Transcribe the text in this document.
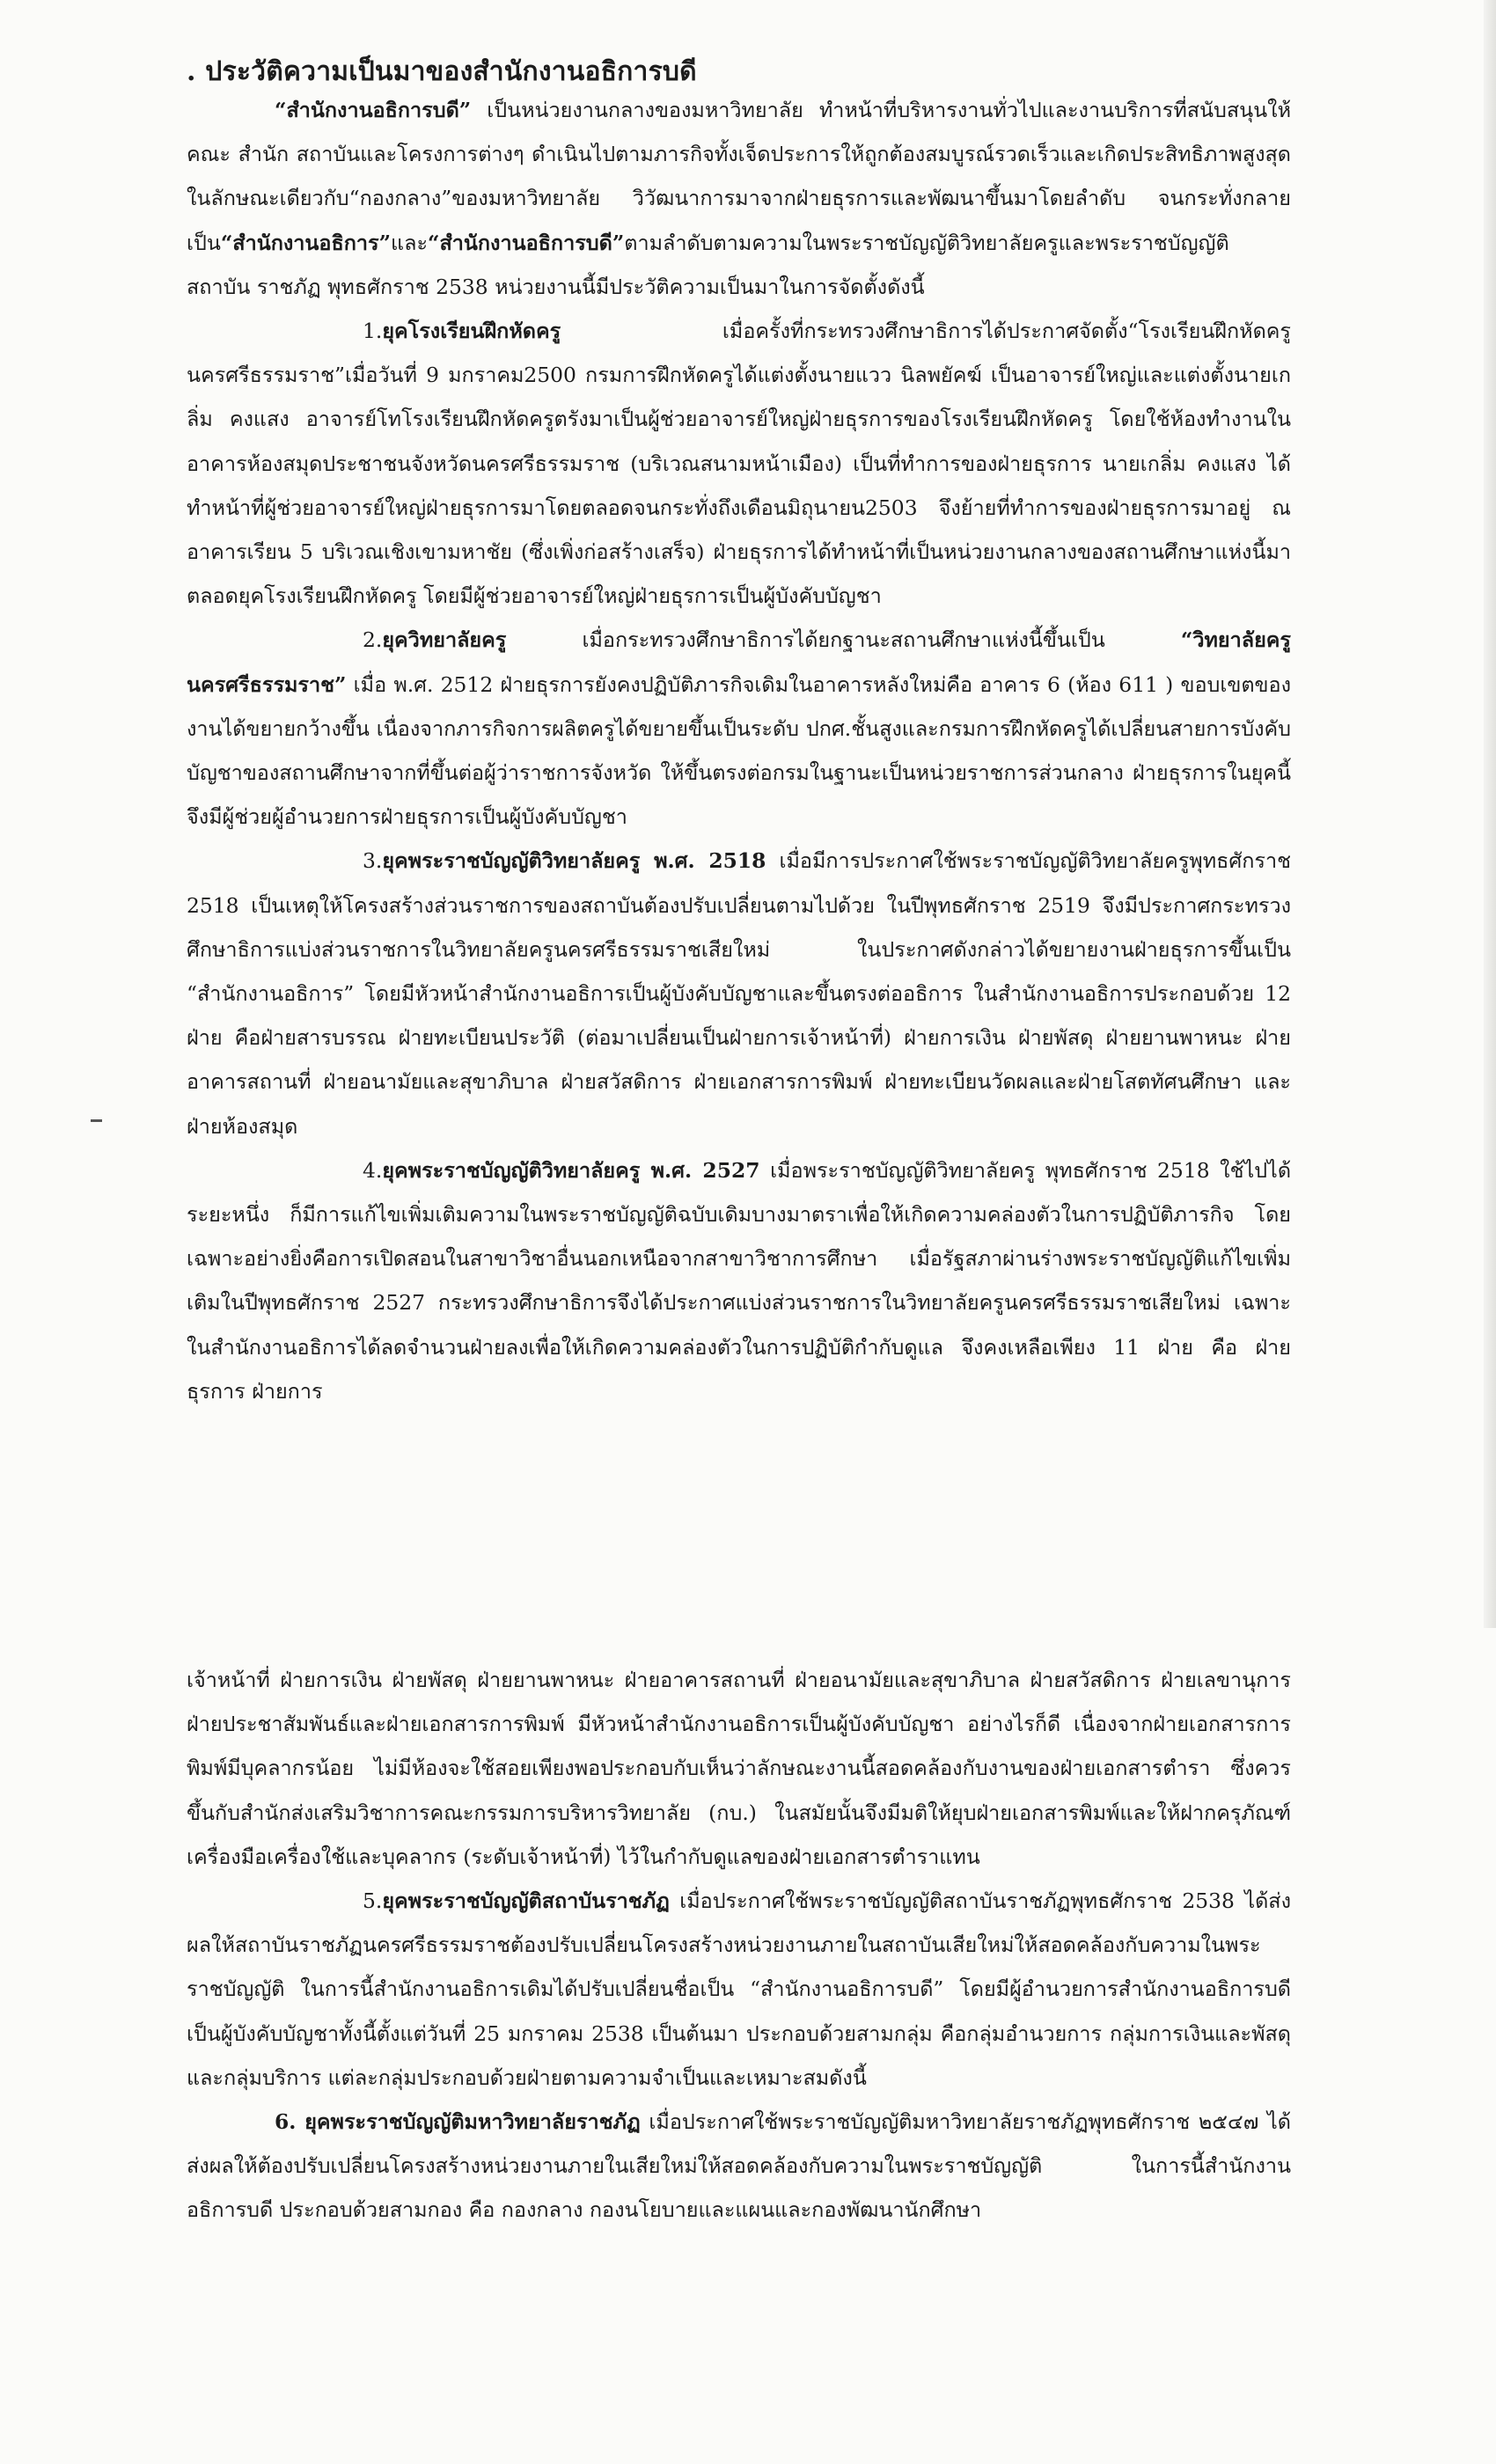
. ประวัติความเป็นมาของสำนักงานอธิการบดี

“สำนักงานอธิการบดี” เป็นหน่วยงานกลางของมหาวิทยาลัย ทำหน้าที่บริหารงานทั่วไปและงานบริการที่สนับสนุนให้คณะ สำนัก สถาบันและโครงการต่างๆ ดำเนินไปตามภารกิจทั้งเจ็ดประการให้ถูกต้องสมบูรณ์รวดเร็วและเกิดประสิทธิภาพสูงสุดในลักษณะเดียวกับ“กองกลาง”ของมหาวิทยาลัย วิวัฒนาการมาจากฝ่ายธุรการและพัฒนาขึ้นมาโดยลำดับ จนกระทั่งกลายเป็น“สำนักงานอธิการ”และ“สำนักงานอธิการบดี”ตามลำดับตามความในพระราชบัญญัติวิทยาลัยครูและพระราชบัญญัติสถาบัน ราชภัฏ พุทธศักราช 2538 หน่วยงานนี้มีประวัติความเป็นมาในการจัดตั้งดังนี้

1.ยุคโรงเรียนฝึกหัดครู เมื่อครั้งที่กระทรวงศึกษาธิการได้ประกาศจัดตั้ง“โรงเรียนฝึกหัดครูนครศรีธรรมราช”เมื่อวันที่ 9 มกราคม2500 กรมการฝึกหัดครูได้แต่งตั้งนายแวว นิลพยัคฆ์ เป็นอาจารย์ใหญ่และแต่งตั้งนายเกลิ่ม คงแสง อาจารย์โทโรงเรียนฝึกหัดครูตรังมาเป็นผู้ช่วยอาจารย์ใหญ่ฝ่ายธุรการของโรงเรียนฝึกหัดครู โดยใช้ห้องทำงานในอาคารห้องสมุดประชาชนจังหวัดนครศรีธรรมราช (บริเวณสนามหน้าเมือง) เป็นที่ทำการของฝ่ายธุรการ นายเกลิ่ม คงแสง ได้ทำหน้าที่ผู้ช่วยอาจารย์ใหญ่ฝ่ายธุรการมาโดยตลอดจนกระทั่งถึงเดือนมิถุนายน2503 จึงย้ายที่ทำการของฝ่ายธุรการมาอยู่ ณ อาคารเรียน 5 บริเวณเชิงเขามหาชัย (ซึ่งเพิ่งก่อสร้างเสร็จ) ฝ่ายธุรการได้ทำหน้าที่เป็นหน่วยงานกลางของสถานศึกษาแห่งนี้มาตลอดยุคโรงเรียนฝึกหัดครู โดยมีผู้ช่วยอาจารย์ใหญ่ฝ่ายธุรการเป็นผู้บังคับบัญชา

2.ยุควิทยาลัยครู เมื่อกระทรวงศึกษาธิการได้ยกฐานะสถานศึกษาแห่งนี้ขึ้นเป็น “วิทยาลัยครูนครศรีธรรมราช” เมื่อ พ.ศ. 2512 ฝ่ายธุรการยังคงปฏิบัติภารกิจเดิมในอาคารหลังใหม่คือ อาคาร 6 (ห้อง 611 ) ขอบเขตของงานได้ขยายกว้างขึ้น เนื่องจากภารกิจการผลิตครูได้ขยายขึ้นเป็นระดับ ปกศ.ชั้นสูงและกรมการฝึกหัดครูได้เปลี่ยนสายการบังคับบัญชาของสถานศึกษาจากที่ขึ้นต่อผู้ว่าราชการจังหวัด ให้ขึ้นตรงต่อกรมในฐานะเป็นหน่วยราชการส่วนกลาง ฝ่ายธุรการในยุคนี้จึงมีผู้ช่วยผู้อำนวยการฝ่ายธุรการเป็นผู้บังคับบัญชา

3.ยุคพระราชบัญญัติวิทยาลัยครู พ.ศ. 2518 เมื่อมีการประกาศใช้พระราชบัญญัติวิทยาลัยครูพุทธศักราช 2518 เป็นเหตุให้โครงสร้างส่วนราชการของสถาบันต้องปรับเปลี่ยนตามไปด้วย ในปีพุทธศักราช 2519 จึงมีประกาศกระทรวงศึกษาธิการแบ่งส่วนราชการในวิทยาลัยครูนครศรีธรรมราชเสียใหม่ ในประกาศดังกล่าวได้ขยายงานฝ่ายธุรการขึ้นเป็น “สำนักงานอธิการ” โดยมีหัวหน้าสำนักงานอธิการเป็นผู้บังคับบัญชาและขึ้นตรงต่ออธิการ ในสำนักงานอธิการประกอบด้วย 12 ฝ่าย คือฝ่ายสารบรรณ ฝ่ายทะเบียนประวัติ (ต่อมาเปลี่ยนเป็นฝ่ายการเจ้าหน้าที่) ฝ่ายการเงิน ฝ่ายพัสดุ ฝ่ายยานพาหนะ ฝ่ายอาคารสถานที่ ฝ่ายอนามัยและสุขาภิบาล ฝ่ายสวัสดิการ ฝ่ายเอกสารการพิมพ์ ฝ่ายทะเบียนวัดผลและฝ่ายโสตทัศนศึกษา และฝ่ายห้องสมุด

4.ยุคพระราชบัญญัติวิทยาลัยครู พ.ศ. 2527 เมื่อพระราชบัญญัติวิทยาลัยครู พุทธศักราช 2518 ใช้ไปได้ระยะหนึ่ง ก็มีการแก้ไขเพิ่มเติมความในพระราชบัญญัติฉบับเดิมบางมาตราเพื่อให้เกิดความคล่องตัวในการปฏิบัติภารกิจ โดยเฉพาะอย่างยิ่งคือการเปิดสอนในสาขาวิชาอื่นนอกเหนือจากสาขาวิชาการศึกษา เมื่อรัฐสภาผ่านร่างพระราชบัญญัติแก้ไขเพิ่มเติมในปีพุทธศักราช 2527 กระทรวงศึกษาธิการจึงได้ประกาศแบ่งส่วนราชการในวิทยาลัยครูนครศรีธรรมราชเสียใหม่ เฉพาะในสำนักงานอธิการได้ลดจำนวนฝ่ายลงเพื่อให้เกิดความคล่องตัวในการปฏิบัติกำกับดูแล จึงคงเหลือเพียง 11 ฝ่าย คือ ฝ่ายธุรการ ฝ่ายการ

เจ้าหน้าที่ ฝ่ายการเงิน ฝ่ายพัสดุ ฝ่ายยานพาหนะ ฝ่ายอาคารสถานที่ ฝ่ายอนามัยและสุขาภิบาล ฝ่ายสวัสดิการ ฝ่ายเลขานุการ ฝ่ายประชาสัมพันธ์และฝ่ายเอกสารการพิมพ์ มีหัวหน้าสำนักงานอธิการเป็นผู้บังคับบัญชา อย่างไรก็ดี เนื่องจากฝ่ายเอกสารการพิมพ์มีบุคลากรน้อย ไม่มีห้องจะใช้สอยเพียงพอประกอบกับเห็นว่าลักษณะงานนี้สอดคล้องกับงานของฝ่ายเอกสารตำรา ซึ่งควรขึ้นกับสำนักส่งเสริมวิชาการคณะกรรมการบริหารวิทยาลัย (กบ.) ในสมัยนั้นจึงมีมติให้ยุบฝ่ายเอกสารพิมพ์และให้ฝากครุภัณฑ์เครื่องมือเครื่องใช้และบุคลากร (ระดับเจ้าหน้าที่) ไว้ในกำกับดูแลของฝ่ายเอกสารตำราแทน

5.ยุคพระราชบัญญัติสถาบันราชภัฏ เมื่อประกาศใช้พระราชบัญญัติสถาบันราชภัฏพุทธศักราช 2538 ได้ส่งผลให้สถาบันราชภัฏนครศรีธรรมราชต้องปรับเปลี่ยนโครงสร้างหน่วยงานภายในสถาบันเสียใหม่ให้สอดคล้องกับความในพระราชบัญญัติ ในการนี้สำนักงานอธิการเดิมได้ปรับเปลี่ยนชื่อเป็น “สำนักงานอธิการบดี” โดยมีผู้อำนวยการสำนักงานอธิการบดีเป็นผู้บังคับบัญชาทั้งนี้ตั้งแต่วันที่ 25 มกราคม 2538 เป็นต้นมา ประกอบด้วยสามกลุ่ม คือกลุ่มอำนวยการ กลุ่มการเงินและพัสดุและกลุ่มบริการ แต่ละกลุ่มประกอบด้วยฝ่ายตามความจำเป็นและเหมาะสมดังนี้

6. ยุคพระราชบัญญัติมหาวิทยาลัยราชภัฏ เมื่อประกาศใช้พระราชบัญญัติมหาวิทยาลัยราชภัฏพุทธศักราช ๒๕๔๗ ได้ส่งผลให้ต้องปรับเปลี่ยนโครงสร้างหน่วยงานภายในเสียใหม่ให้สอดคล้องกับความในพระราชบัญญัติ ในการนี้สำนักงานอธิการบดี ประกอบด้วยสามกอง คือ กองกลาง กองนโยบายและแผนและกองพัฒนานักศึกษา
